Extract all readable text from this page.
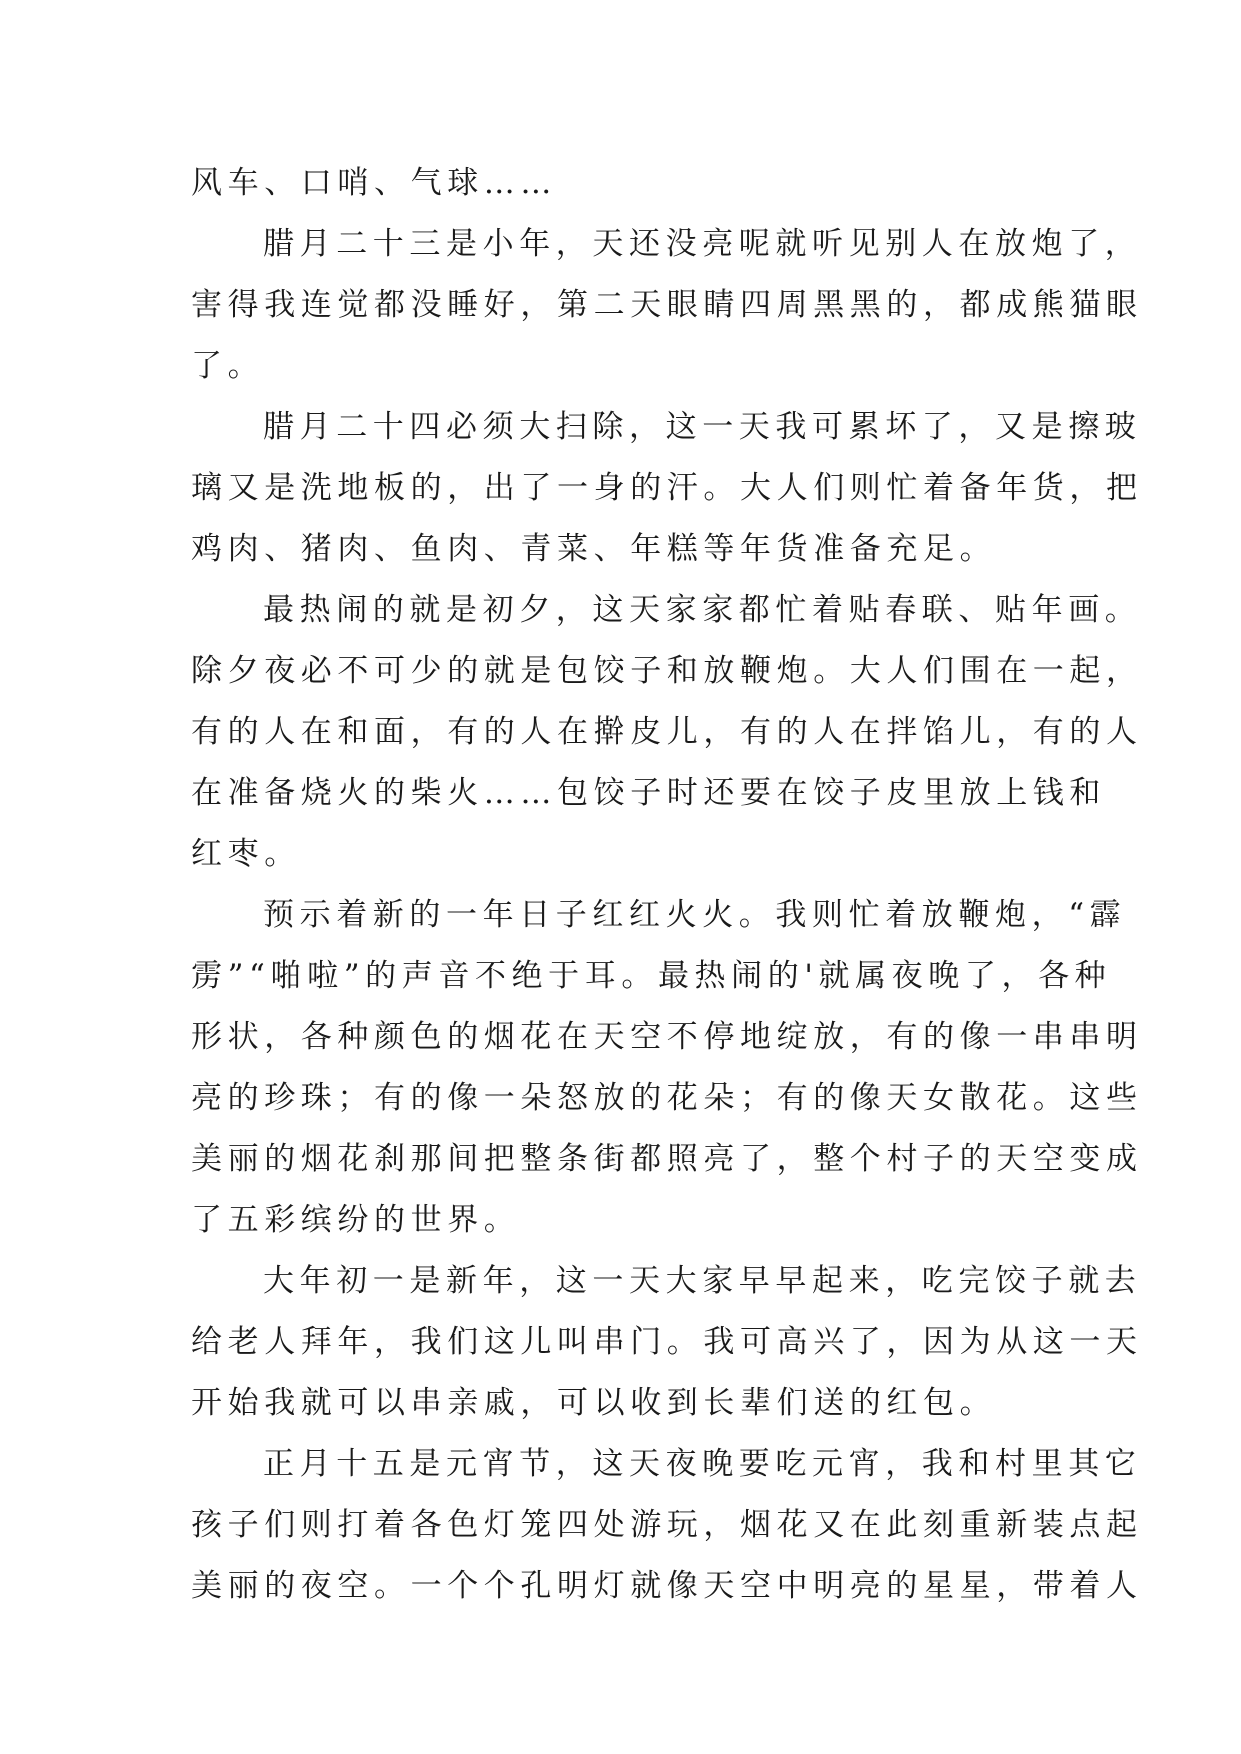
风车、口哨、气球……
腊月二十三是小年，天还没亮呢就听见别人在放炮了，
害得我连觉都没睡好，第二天眼睛四周黑黑的，都成熊猫眼
了。
腊月二十四必须大扫除，这一天我可累坏了，又是擦玻
璃又是洗地板的，出了一身的汗。大人们则忙着备年货，把
鸡肉、猪肉、鱼肉、青菜、年糕等年货准备充足。
最热闹的就是初夕，这天家家都忙着贴春联、贴年画。
除夕夜必不可少的就是包饺子和放鞭炮。大人们围在一起，
有的人在和面，有的人在擀皮儿，有的人在拌馅儿，有的人
在准备烧火的柴火……包饺子时还要在饺子皮里放上钱和
红枣。
预示着新的一年日子红红火火。我则忙着放鞭炮，“霹
雳”“啪啦”的声音不绝于耳。最热闹的'就属夜晚了，各种
形状，各种颜色的烟花在天空不停地绽放，有的像一串串明
亮的珍珠；有的像一朵怒放的花朵；有的像天女散花。这些
美丽的烟花刹那间把整条街都照亮了，整个村子的天空变成
了五彩缤纷的世界。
大年初一是新年，这一天大家早早起来，吃完饺子就去
给老人拜年，我们这儿叫串门。我可高兴了，因为从这一天
开始我就可以串亲戚，可以收到长辈们送的红包。
正月十五是元宵节，这天夜晚要吃元宵，我和村里其它
孩子们则打着各色灯笼四处游玩，烟花又在此刻重新装点起
美丽的夜空。一个个孔明灯就像天空中明亮的星星，带着人
